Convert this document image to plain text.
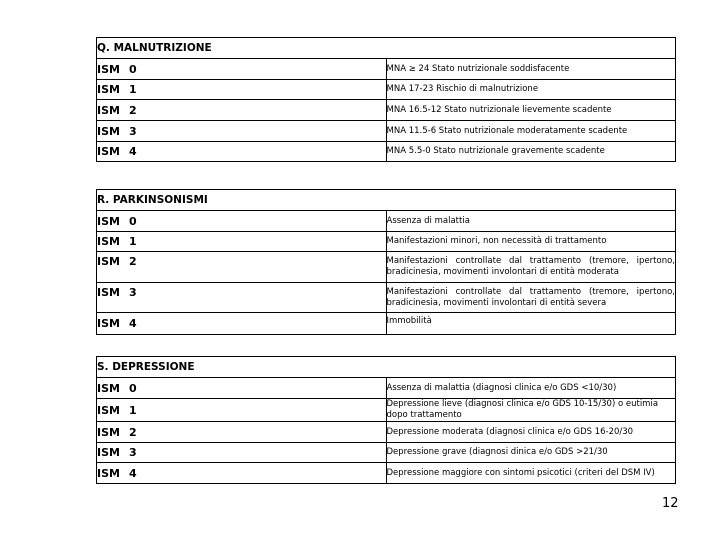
Q. MALNUTRIZIONE	
ISM 0	MNA ≥ 24 Stato nutrizionale soddisfacente
ISM 1	MNA 17-23 Rischio di malnutrizione
ISM 2	MNA 16.5-12 Stato nutrizionale lievemente scadente
ISM 3	MNA 11.5-6 Stato nutrizionale moderatamente scadente
ISM 4	MNA 5.5-0 Stato nutrizionale gravemente scadente
R. PARKINSONISMI	
ISM 0	Assenza di malattia
ISM 1	Manifestazioni minori, non necessità di trattamento
ISM 2	Manifestazioni controllate dal trattamento (tremore, ipertono, bradicinesia, movimenti involontari di entità moderata
ISM 3	Manifestazioni controllate dal trattamento (tremore, ipertono, bradicinesia, movimenti involontari di entità severa
ISM 4	Immobilità
S. DEPRESSIONE	
ISM 0	Assenza di malattia (diagnosi clinica e/o GDS <10/30)
ISM 1	Depressione lieve (diagnosi clinica e/o GDS 10-15/30) o eutimia dopo trattamento
ISM 2	Depressione moderata (diagnosi clinica e/o GDS 16-20/30
ISM 3	Depressione grave (diagnosi dinica e/o GDS >21/30
ISM 4	Depressione maggiore con sintomi psicotici (criteri del DSM IV)
12
